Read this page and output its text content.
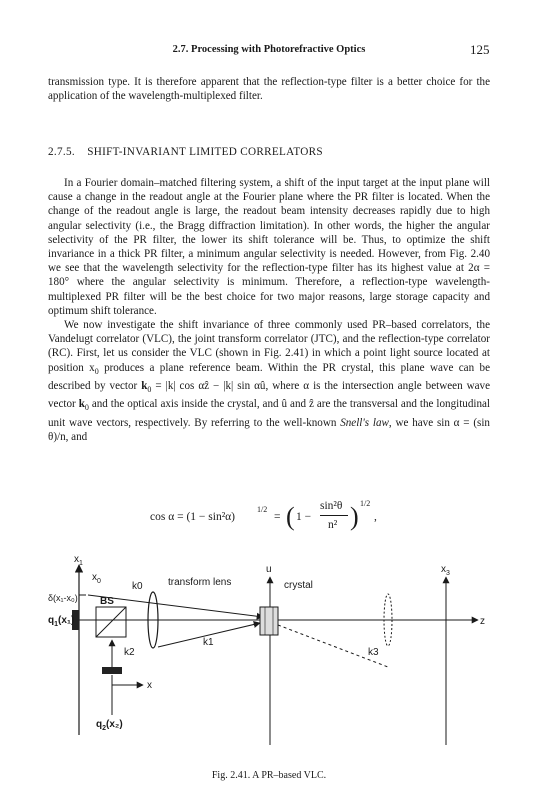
2.7. Processing with Photorefractive Optics	125

transmission type. It is therefore apparent that the reflection-type filter is a better choice for the application of the wavelength-multiplexed filter.

2.7.5. SHIFT-INVARIANT LIMITED CORRELATORS

In a Fourier domain–matched filtering system, a shift of the input target at the input plane will cause a change in the readout angle at the Fourier plane where the PR filter is located. When the change of the readout angle is large, the readout beam intensity decreases rapidly due to high angular selectivity (i.e., the Bragg diffraction limitation). In other words, the higher the angular selectivity of the PR filter, the lower its shift tolerance will be. Thus, to optimize the shift invariance in a thick PR filter, a minimum angular selectivity is needed. However, from Fig. 2.40 we see that the wavelength selectivity for the reflection-type filter has its highest value at 2α = 180° where the angular selectivity is minimum. Therefore, a reflection-type wavelength-multiplexed PR filter will be the best choice for two major reasons, large storage capacity and optimum shift tolerance.

We now investigate the shift invariance of three commonly used PR–based correlators, the Vandelugt correlator (VLC), the joint transform correlator (JTC), and the reflection-type correlator (RC). First, let us consider the VLC (shown in Fig. 2.41) in which a point light source located at position $x_0$ produces a plane reference beam. Within the PR crystal, this plane wave can be described by vector $k_0 = |k|$ cos αẑ − |k| sin αû, where α is the intersection angle between wave vector $k_0$ and the optical axis inside the crystal, and û and ẑ are the transversal and the longitudinal unit wave vectors, respectively. By referring to the well-known Snell's law, we have sin α = (sin θ)/n, and

cos α = (1 − sin²α)
1/2
= ( 1 −
sin²θ
n² ) 1/2
,
$x_1$
$x_0$
δ(x₁-x₀)
$q_1(x_1)$
BS
k2
x
$q_2(x_2)$
transform lens
z
k0
k1
u
crystal
k3
$x_3$
Fig. 2.41. A PR–based VLC.
